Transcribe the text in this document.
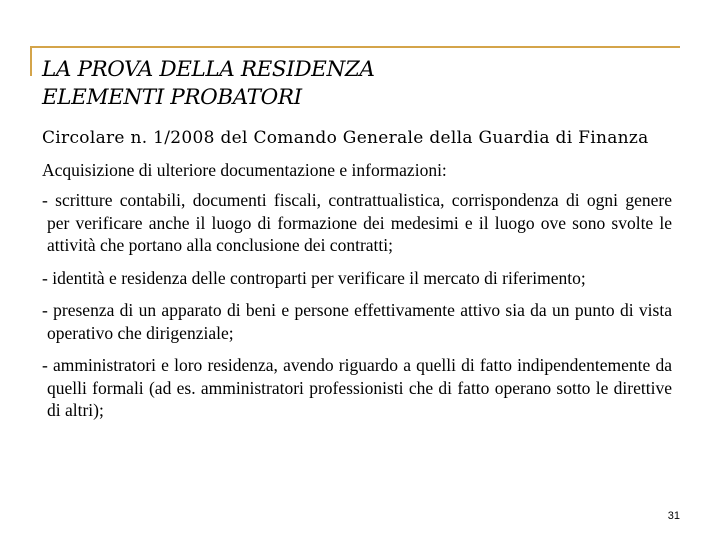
LA PROVA DELLA RESIDENZA
ELEMENTI PROBATORI
Circolare n. 1/2008 del Comando Generale della Guardia di Finanza
Acquisizione di ulteriore documentazione e informazioni:
- scritture contabili, documenti fiscali, contrattualistica, corrispondenza di ogni genere per verificare anche il luogo di formazione dei medesimi e il luogo ove sono svolte le attività che portano alla conclusione dei contratti;
- identità e residenza delle controparti per verificare il mercato di riferimento;
- presenza di un apparato di beni e persone effettivamente attivo sia da un punto di vista operativo che dirigenziale;
- amministratori e loro residenza, avendo riguardo a quelli di fatto indipendentemente da quelli formali (ad es. amministratori professionisti che di fatto operano sotto le direttive di altri);
31
